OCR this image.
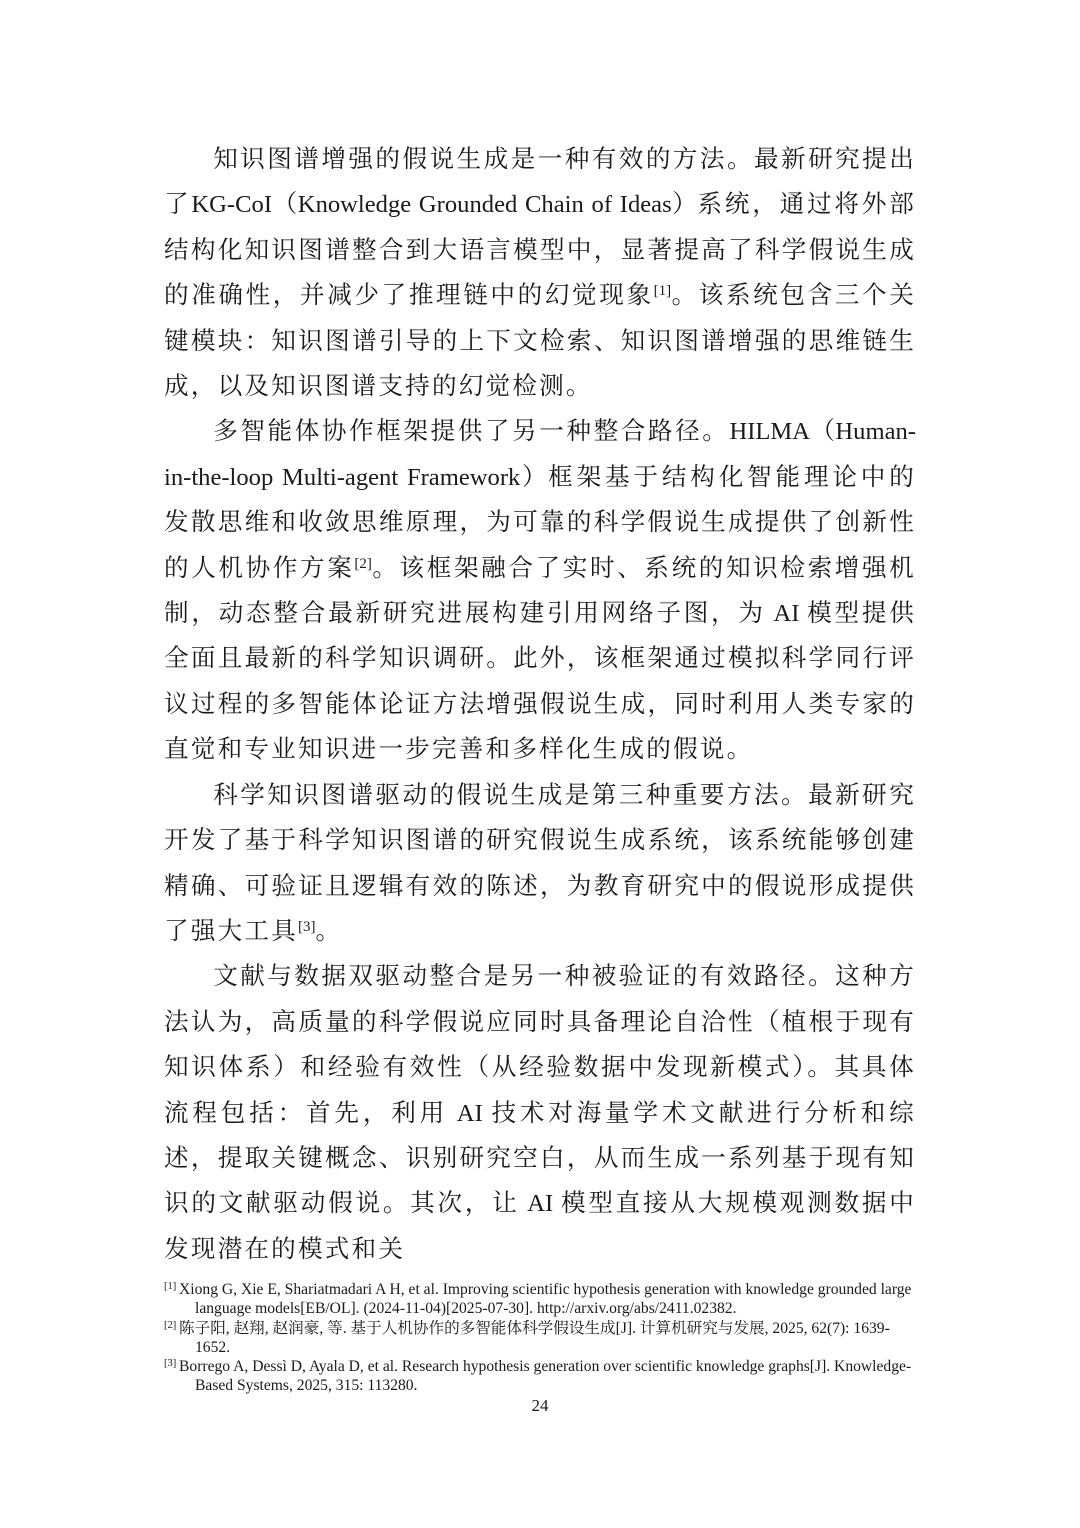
知识图谱增强的假说生成是一种有效的方法。最新研究提出了KG-CoI（Knowledge Grounded Chain of Ideas）系统，通过将外部结构化知识图谱整合到大语言模型中，显著提高了科学假说生成的准确性，并减少了推理链中的幻觉现象[1]。该系统包含三个关键模块：知识图谱引导的上下文检索、知识图谱增强的思维链生成，以及知识图谱支持的幻觉检测。

多智能体协作框架提供了另一种整合路径。HILMA（Human-in-the-loop Multi-agent Framework）框架基于结构化智能理论中的发散思维和收敛思维原理，为可靠的科学假说生成提供了创新性的人机协作方案[2]。该框架融合了实时、系统的知识检索增强机制，动态整合最新研究进展构建引用网络子图，为 AI 模型提供全面且最新的科学知识调研。此外，该框架通过模拟科学同行评议过程的多智能体论证方法增强假说生成，同时利用人类专家的直觉和专业知识进一步完善和多样化生成的假说。

科学知识图谱驱动的假说生成是第三种重要方法。最新研究开发了基于科学知识图谱的研究假说生成系统，该系统能够创建精确、可验证且逻辑有效的陈述，为教育研究中的假说形成提供了强大工具[3]。

文献与数据双驱动整合是另一种被验证的有效路径。这种方法认为，高质量的科学假说应同时具备理论自洽性（植根于现有知识体系）和经验有效性（从经验数据中发现新模式）。其具体流程包括：首先，利用 AI 技术对海量学术文献进行分析和综述，提取关键概念、识别研究空白，从而生成一系列基于现有知识的文献驱动假说。其次，让 AI 模型直接从大规模观测数据中发现潜在的模式和关

[1] Xiong G, Xie E, Shariatmadari A H, et al. Improving scientific hypothesis generation with knowledge grounded large language models[EB/OL]. (2024-11-04)[2025-07-30]. http://arxiv.org/abs/2411.02382.
[2] 陈子阳, 赵翔, 赵润豪, 等. 基于人机协作的多智能体科学假设生成[J]. 计算机研究与发展, 2025, 62(7): 1639-1652.
[3] Borrego A, Dessì D, Ayala D, et al. Research hypothesis generation over scientific knowledge graphs[J]. Knowledge-Based Systems, 2025, 315: 113280.
24
